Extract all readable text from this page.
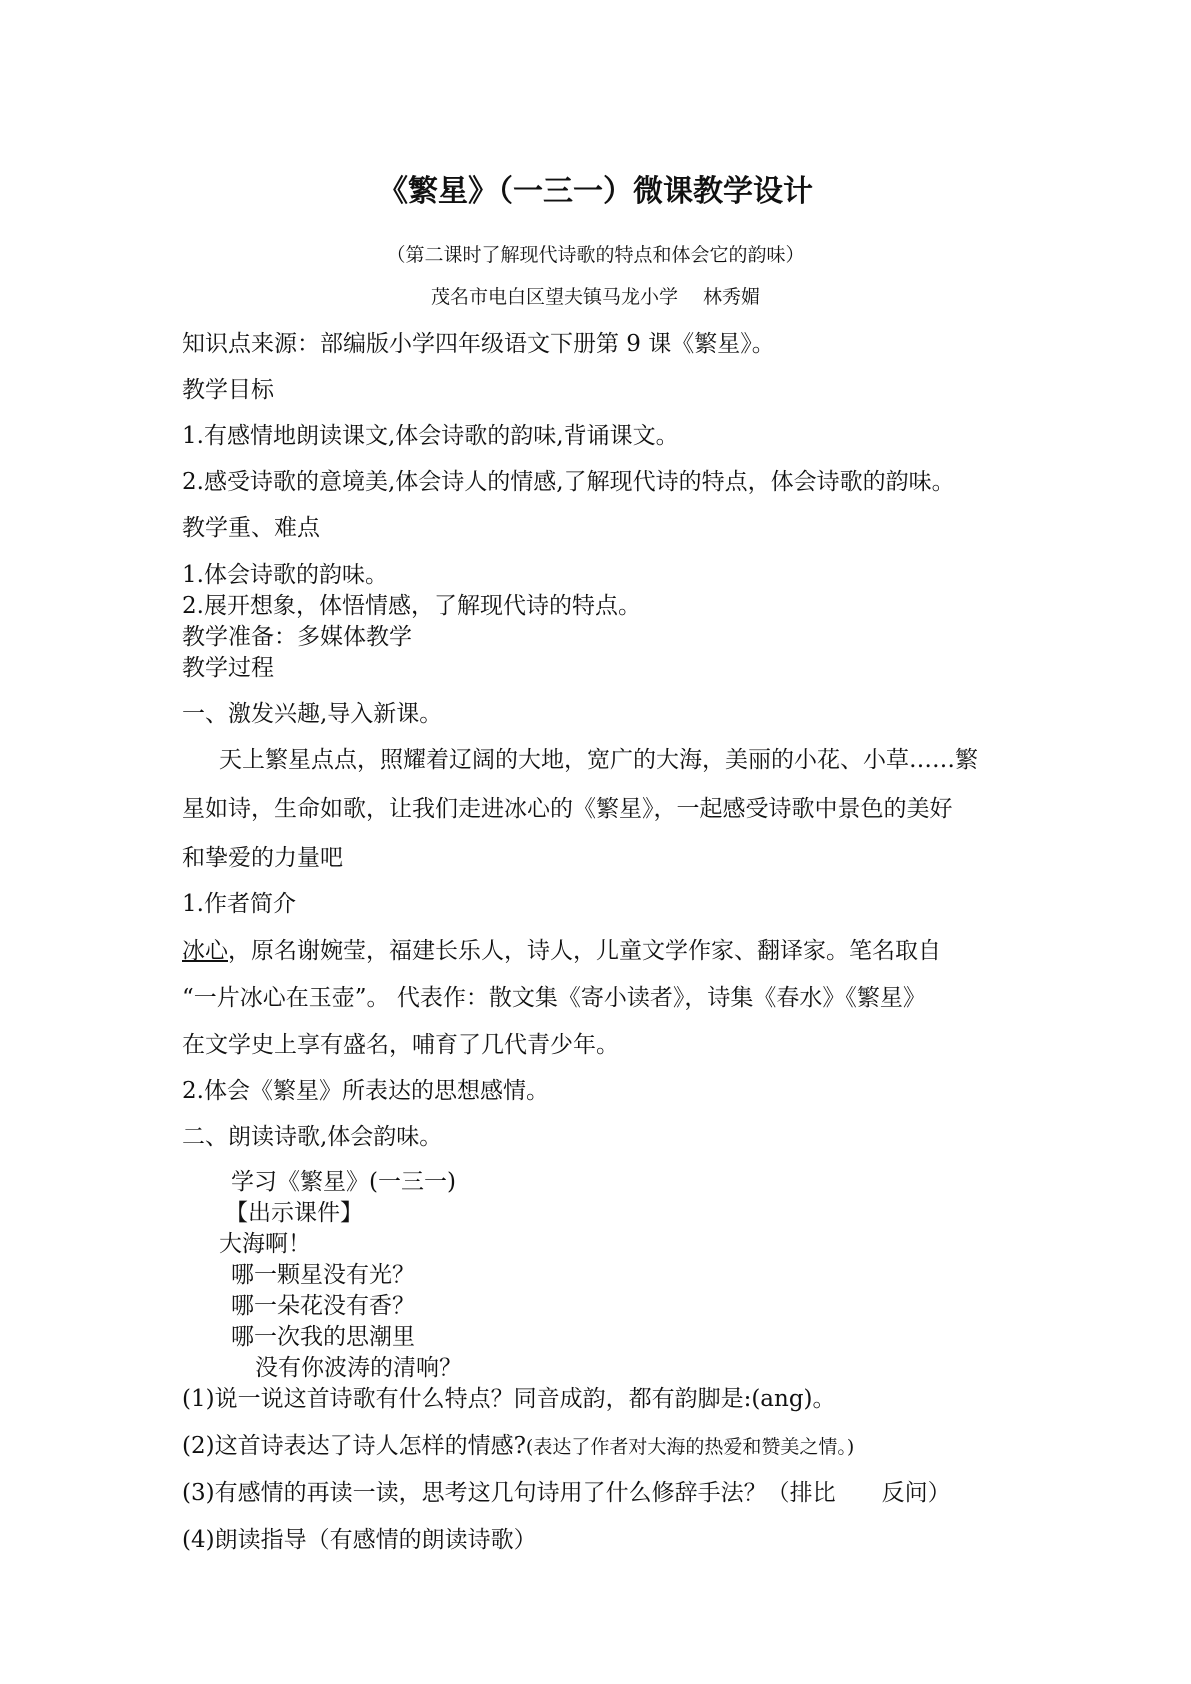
《繁星》（一三一）微课教学设计
（第二课时了解现代诗歌的特点和体会它的韵味）
茂名市电白区望夫镇马龙小学　 林秀媚
知识点来源：部编版小学四年级语文下册第 9 课《繁星》。
教学目标
1.有感情地朗读课文,体会诗歌的韵味,背诵课文。
2.感受诗歌的意境美,体会诗人的情感,了解现代诗的特点，体会诗歌的韵味。
教学重、难点
1.体会诗歌的韵味。
2.展开想象，体悟情感，了解现代诗的特点。
教学准备：多媒体教学
教学过程
一、激发兴趣,导入新课。
天上繁星点点，照耀着辽阔的大地，宽广的大海，美丽的小花、小草……繁
星如诗，生命如歌，让我们走进冰心的《繁星》，一起感受诗歌中景色的美好
和挚爱的力量吧
1.作者简介
冰心，原名谢婉莹，福建长乐人，诗人，儿童文学作家、翻译家。笔名取自
“一片冰心在玉壶”。 代表作：散文集《寄小读者》，诗集《春水》《繁星》
在文学史上享有盛名，哺育了几代青少年。
2.体会《繁星》所表达的思想感情。
二、朗读诗歌,体会韵味。
学习《繁星》(一三一)
【出示课件】
大海啊！
哪一颗星没有光？
哪一朵花没有香？
哪一次我的思潮里
没有你波涛的清响？
(1)说一说这首诗歌有什么特点？同音成韵，都有韵脚是:(ang)。
(2)这首诗表达了诗人怎样的情感?(表达了作者对大海的热爱和赞美之情。)
(3)有感情的再读一读，思考这几句诗用了什么修辞手法？（排比　　反问）
(4)朗读指导（有感情的朗读诗歌）
